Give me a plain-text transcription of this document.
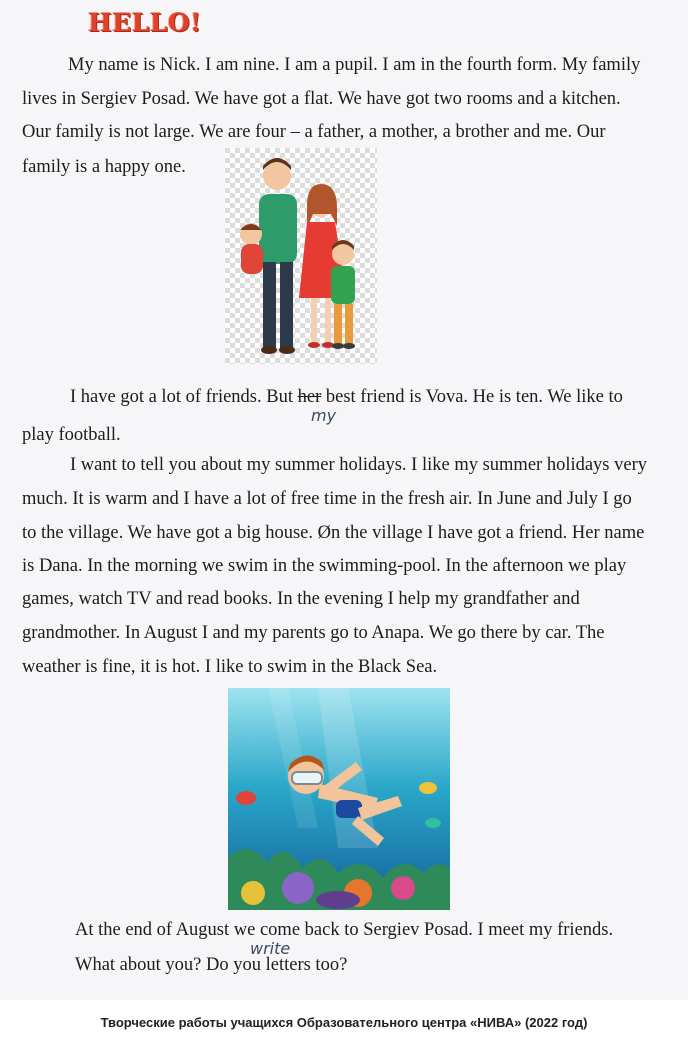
HELLO!
My name is Nick. I am nine. I am a pupil. I am in the fourth form. My family
lives in Sergiev Posad. We have got a flat. We have got two rooms and a kitchen.
Our family is not large. We are four – a father, a mother, a brother and me. Our
family is a happy one.
I have got a lot of friends. But her best friend is Vova. He is ten. We like to
my
play football.
I want to tell you about my summer holidays. I like my summer holidays very
much. It is warm and I have a lot of free time in the fresh air. In June and July I go
to the village. We have got a big house. Øn the village I have got a friend. Her name
is Dana. In the morning we swim in the swimming-pool. In the afternoon we play
games, watch TV and read books. In the evening I help my grandfather and
grandmother. In August I and my parents go to Anapa. We go there by car. The
weather is fine, it is hot. I like to swim in the Black Sea.
At the end of August we come back to Sergiev Posad. I meet my friends.
write
What about you? Do you letters too?
Творческие работы учащихся Образовательного центра «НИВА» (2022 год)
